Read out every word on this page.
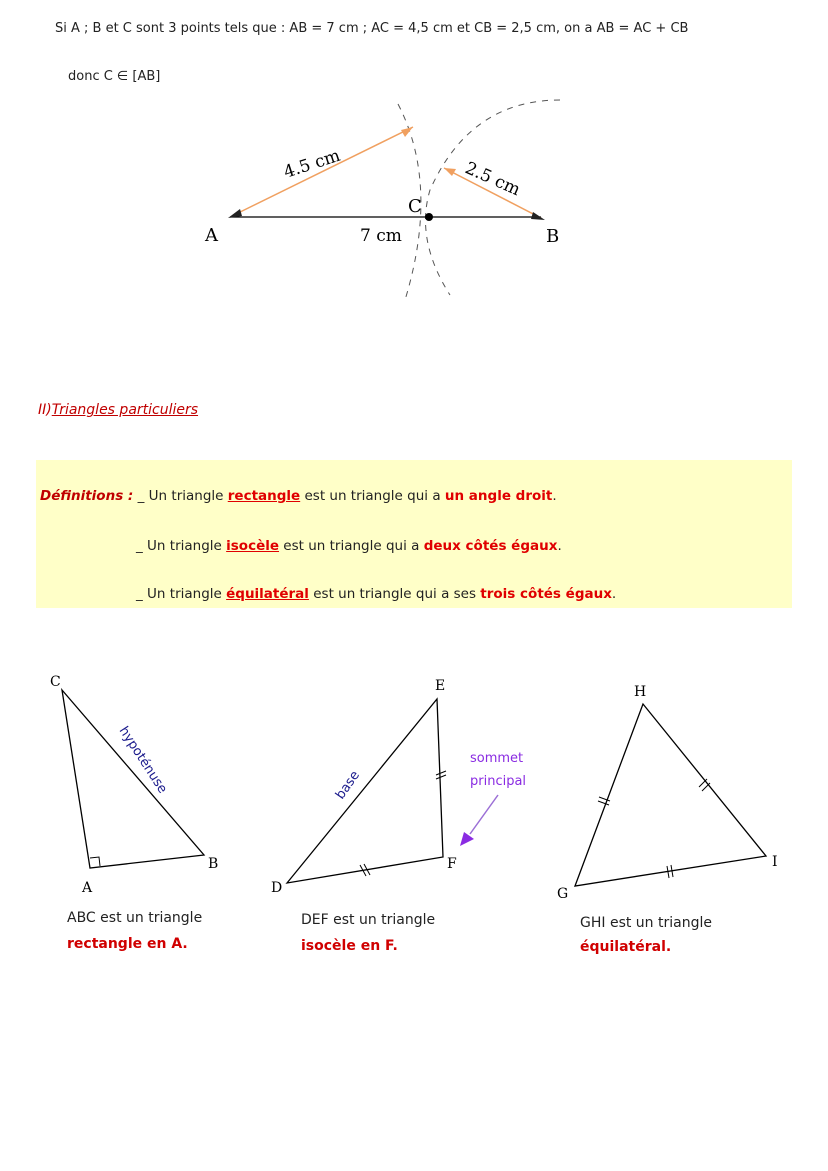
Si A ; B et C sont 3 points tels que : AB = 7 cm ; AC = 4,5 cm et CB = 2,5 cm, on a AB = AC + CB
donc C ∈ [AB]
A	B
C
4.5 cm	2.5 cm
7 cm
II)Triangles particuliers
Définitions : _ Un triangle rectangle est un triangle qui a un angle droit.
_ Un triangle isocèle est un triangle qui a deux côtés égaux.
_ Un triangle équilatéral est un triangle qui a ses trois côtés égaux.
C
A
B
hypoténuse
E
D
F
base
sommet
principal
H
G
I
ABC est un triangle
rectangle en A.
DEF est un triangle
isocèle en F.
GHI est un triangle
équilatéral.
